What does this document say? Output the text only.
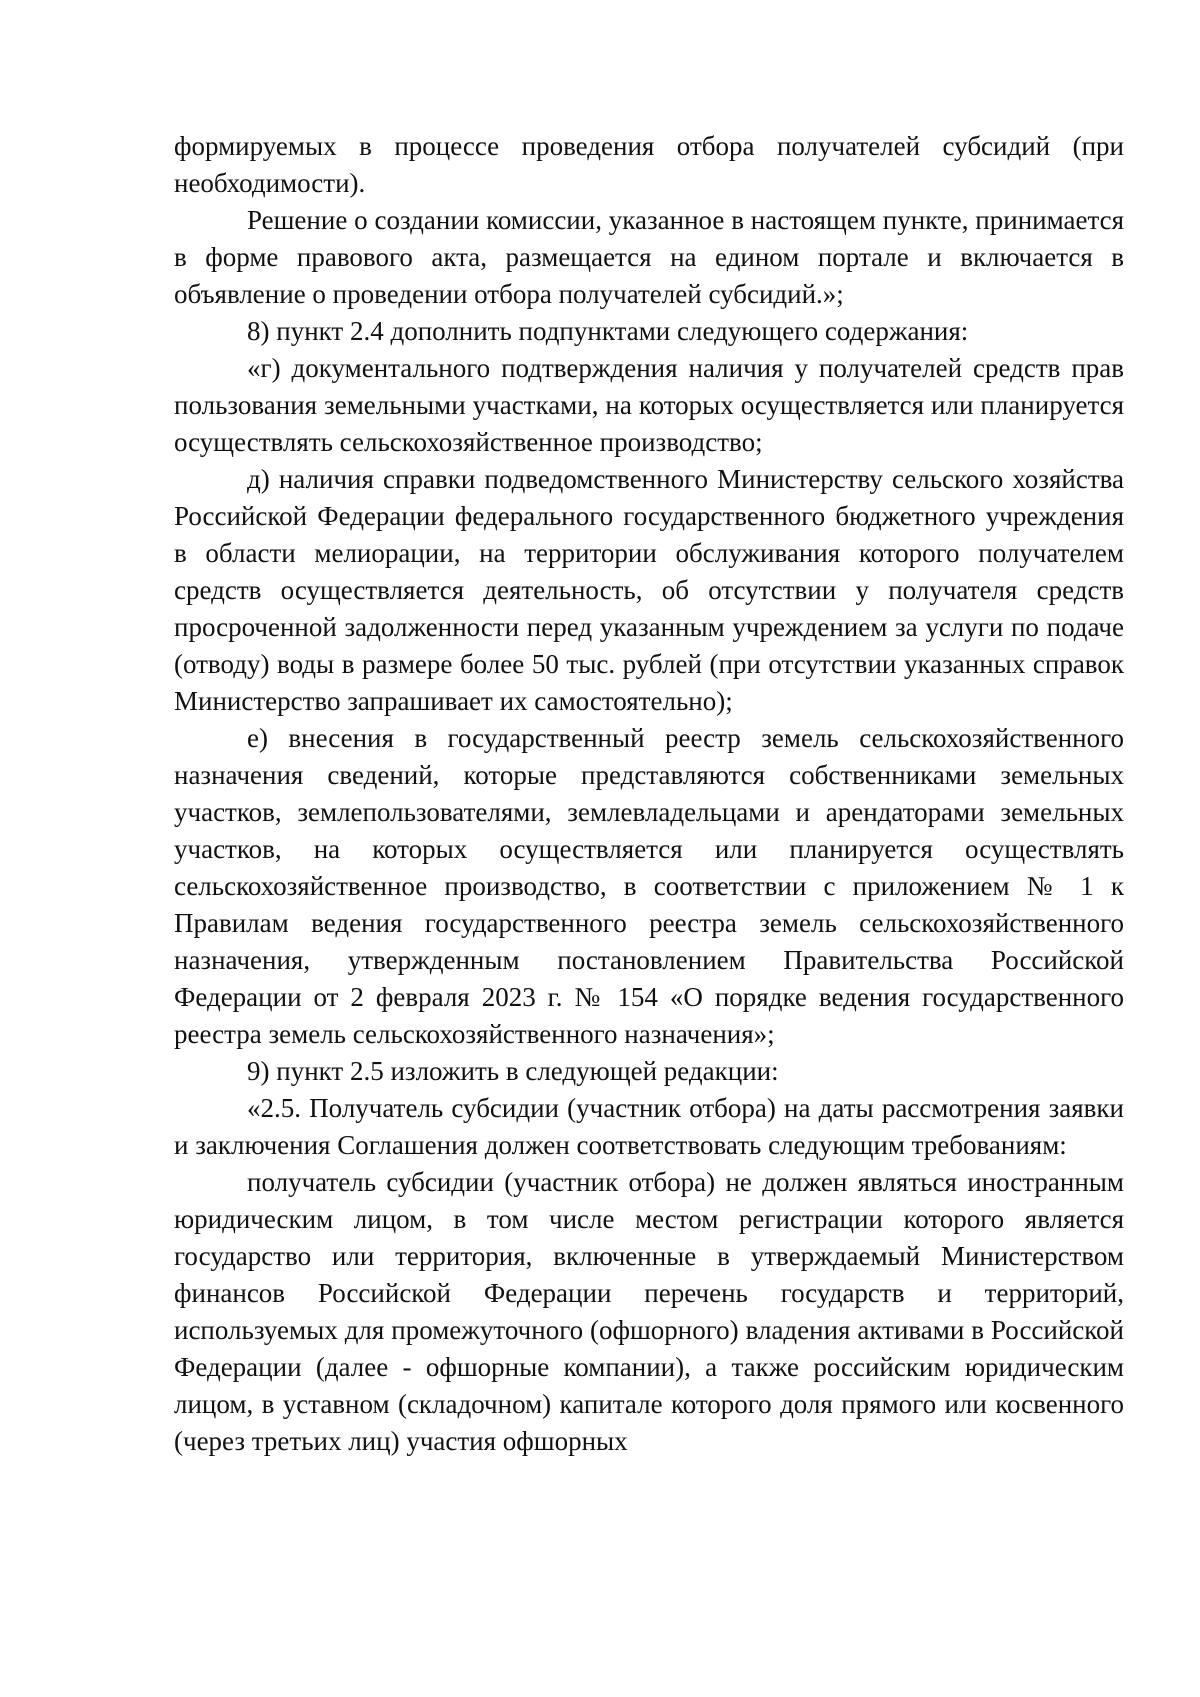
формируемых в процессе проведения отбора получателей субсидий (при необходимости).

Решение о создании комиссии, указанное в настоящем пункте, принимается в форме правового акта, размещается на едином портале и включается в объявление о проведении отбора получателей субсидий.»;

8) пункт 2.4 дополнить подпунктами следующего содержания:

«г) документального подтверждения наличия у получателей средств прав пользования земельными участками, на которых осуществляется или планируется осуществлять сельскохозяйственное производство;

д) наличия справки подведомственного Министерству сельского хозяйства Российской Федерации федерального государственного бюджетного учреждения в области мелиорации, на территории обслуживания которого получателем средств осуществляется деятельность, об отсутствии у получателя средств просроченной задолженности перед указанным учреждением за услуги по подаче (отводу) воды в размере более 50 тыс. рублей (при отсутствии указанных справок Министерство запрашивает их самостоятельно);

е) внесения в государственный реестр земель сельскохозяйственного назначения сведений, которые представляются собственниками земельных участков, землепользователями, землевладельцами и арендаторами земельных участков, на которых осуществляется или планируется осуществлять сельскохозяйственное производство, в соответствии с приложением № 1 к Правилам ведения государственного реестра земель сельскохозяйственного назначения, утвержденным постановлением Правительства Российской Федерации от 2 февраля 2023 г. № 154 «О порядке ведения государственного реестра земель сельскохозяйственного назначения»;

9) пункт 2.5 изложить в следующей редакции:

«2.5. Получатель субсидии (участник отбора) на даты рассмотрения заявки и заключения Соглашения должен соответствовать следующим требованиям:

получатель субсидии (участник отбора) не должен являться иностранным юридическим лицом, в том числе местом регистрации которого является государство или территория, включенные в утверждаемый Министерством финансов Российской Федерации перечень государств и территорий, используемых для промежуточного (офшорного) владения активами в Российской Федерации (далее - офшорные компании), а также российским юридическим лицом, в уставном (складочном) капитале которого доля прямого или косвенного (через третьих лиц) участия офшорных
